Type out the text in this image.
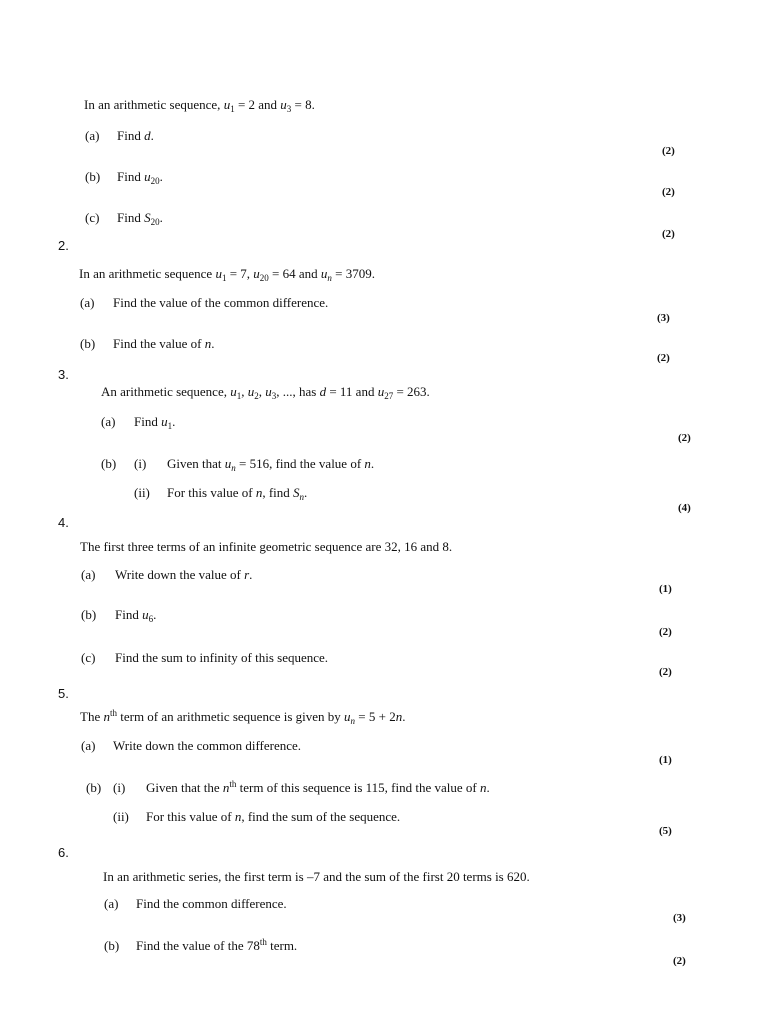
In an arithmetic sequence, $u_1 = 2$ and $u_3 = 8$.
(a) Find d.
(2)
(b) Find $u_{20}$.
(2)
(c) Find $S_{20}$.
(2)
2.
In an arithmetic sequence $u_1 = 7$, $u_{20} = 64$ and $u_n = 3709$.
(a) Find the value of the common difference.
(3)
(b) Find the value of n.
(2)
3.
An arithmetic sequence, $u_1$, $u_2$, $u_3$, ..., has d = 11 and $u_{27} = 263$.
(a) Find $u_1$.
(2)
(b) (i) Given that $u_n = 516$, find the value of n.
(ii) For this value of n, find $S_n$.
(4)
4.
The first three terms of an infinite geometric sequence are 32, 16 and 8.
(a) Write down the value of r.
(1)
(b) Find $u_6$.
(2)
(c) Find the sum to infinity of this sequence.
(2)
5.
The $n^{th}$ term of an arithmetic sequence is given by $u_n = 5 + 2n$.
(a) Write down the common difference.
(1)
(b) (i) Given that the $n^{th}$ term of this sequence is 115, find the value of n.
(ii) For this value of n, find the sum of the sequence.
(5)
6.
In an arithmetic series, the first term is –7 and the sum of the first 20 terms is 620.
(a) Find the common difference.
(3)
(b) Find the value of the 78th term.
(2)
